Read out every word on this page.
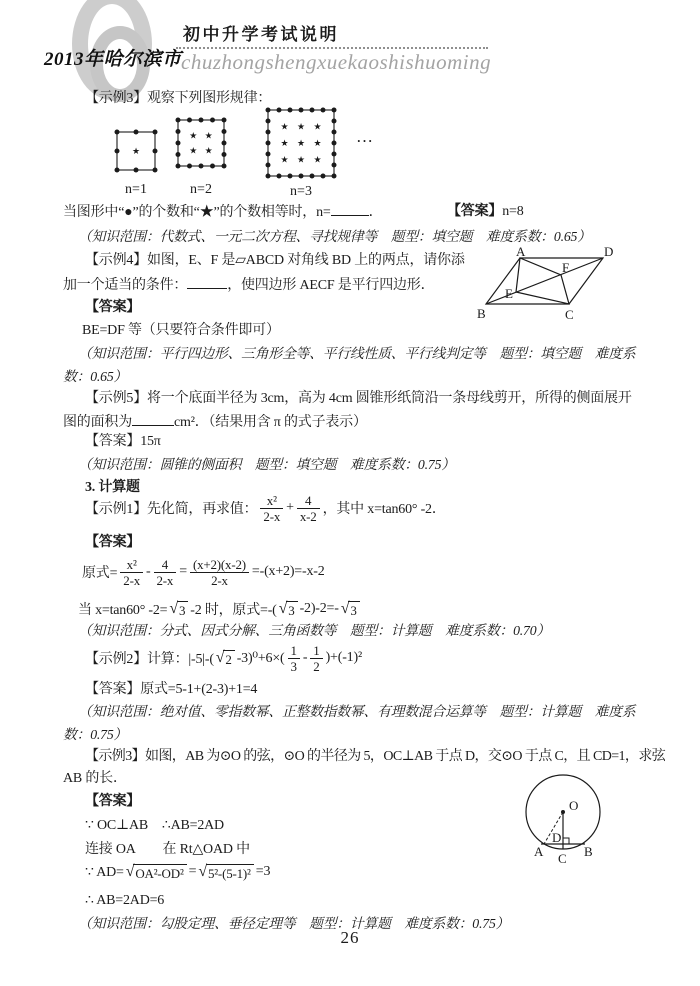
初中升学考试说明
2013年哈尔滨市 chuzhongshengxuekaoshishuoming
【示例3】观察下列图形规律：
★
★ ★
★ ★
★ ★ ★
★ ★ ★
★ ★ ★
n=1	n=2	n=3
…
当图形中“●”的个数和“★”的个数相等时，n=	．	【答案】n=8
（知识范围：代数式、一元二次方程、寻找规律等　题型：填空题　难度系数：0.65）
【示例4】如图，E、F 是▱ABCD 对角线 BD 上的两点，请你添
加一个适当的条件：	，使四边形 AECF 是平行四边形．
A	D
B	C
E
F
【答案】
BE=DF 等（只要符合条件即可）
（知识范围：平行四边形、三角形全等、平行线性质、平行线判定等　题型：填空题　难度系
数：0.65）
【示例5】将一个底面半径为 3cm，高为 4cm 圆锥形纸筒沿一条母线剪开，所得的侧面展开
图的面积为	cm²．（结果用含 π 的式子表示）
【答案】15π
（知识范围：圆锥的侧面积　题型：填空题　难度系数：0.75）
3. 计算题
【示例1】先化简，再求值： $\frac{\text{x²}}{2-x} + \frac{4}{x-2}$ ，其中 x=tan60° -2．
【答案】
原式= $\frac{\text{x²}}{2-x} - \frac{4}{2-x} = \frac{(x+2)(x-2)}{2-x} =-(x+2)=-x-2$
当 x=tan60° -2= √ 3 -2 时，原式=-( √ 3 -2)-2=- √ 3
（知识范围：分式、因式分解、三角函数等　题型：计算题　难度系数：0.70）
【示例2】计算：|-5|-( √ 2 $-3)^0+6\times( \frac{1}{3} - \frac{1}{2} )+(-1)^2$
【答案】原式=5-1+(2-3)+1=4
（知识范围：绝对值、零指数幂、正整数指数幂、有理数混合运算等　题型：计算题　难度系
数：0.75）
【示例3】如图，AB 为⊙O 的弦，⊙O 的半径为 5，OC⊥AB 于点 D，交⊙O 于点 C，且 CD=1，求弦
AB 的长．
【答案】	O
A	B
C
D
∵ OC⊥AB　∴AB=2AD
连接 OA　　在 Rt△OAD 中
∵ AD= √ OA²-OD² = √ 5²-(5-1)² =3
∴ AB=2AD=6
（知识范围：勾股定理、垂径定理等　题型：计算题　难度系数：0.75）
26
